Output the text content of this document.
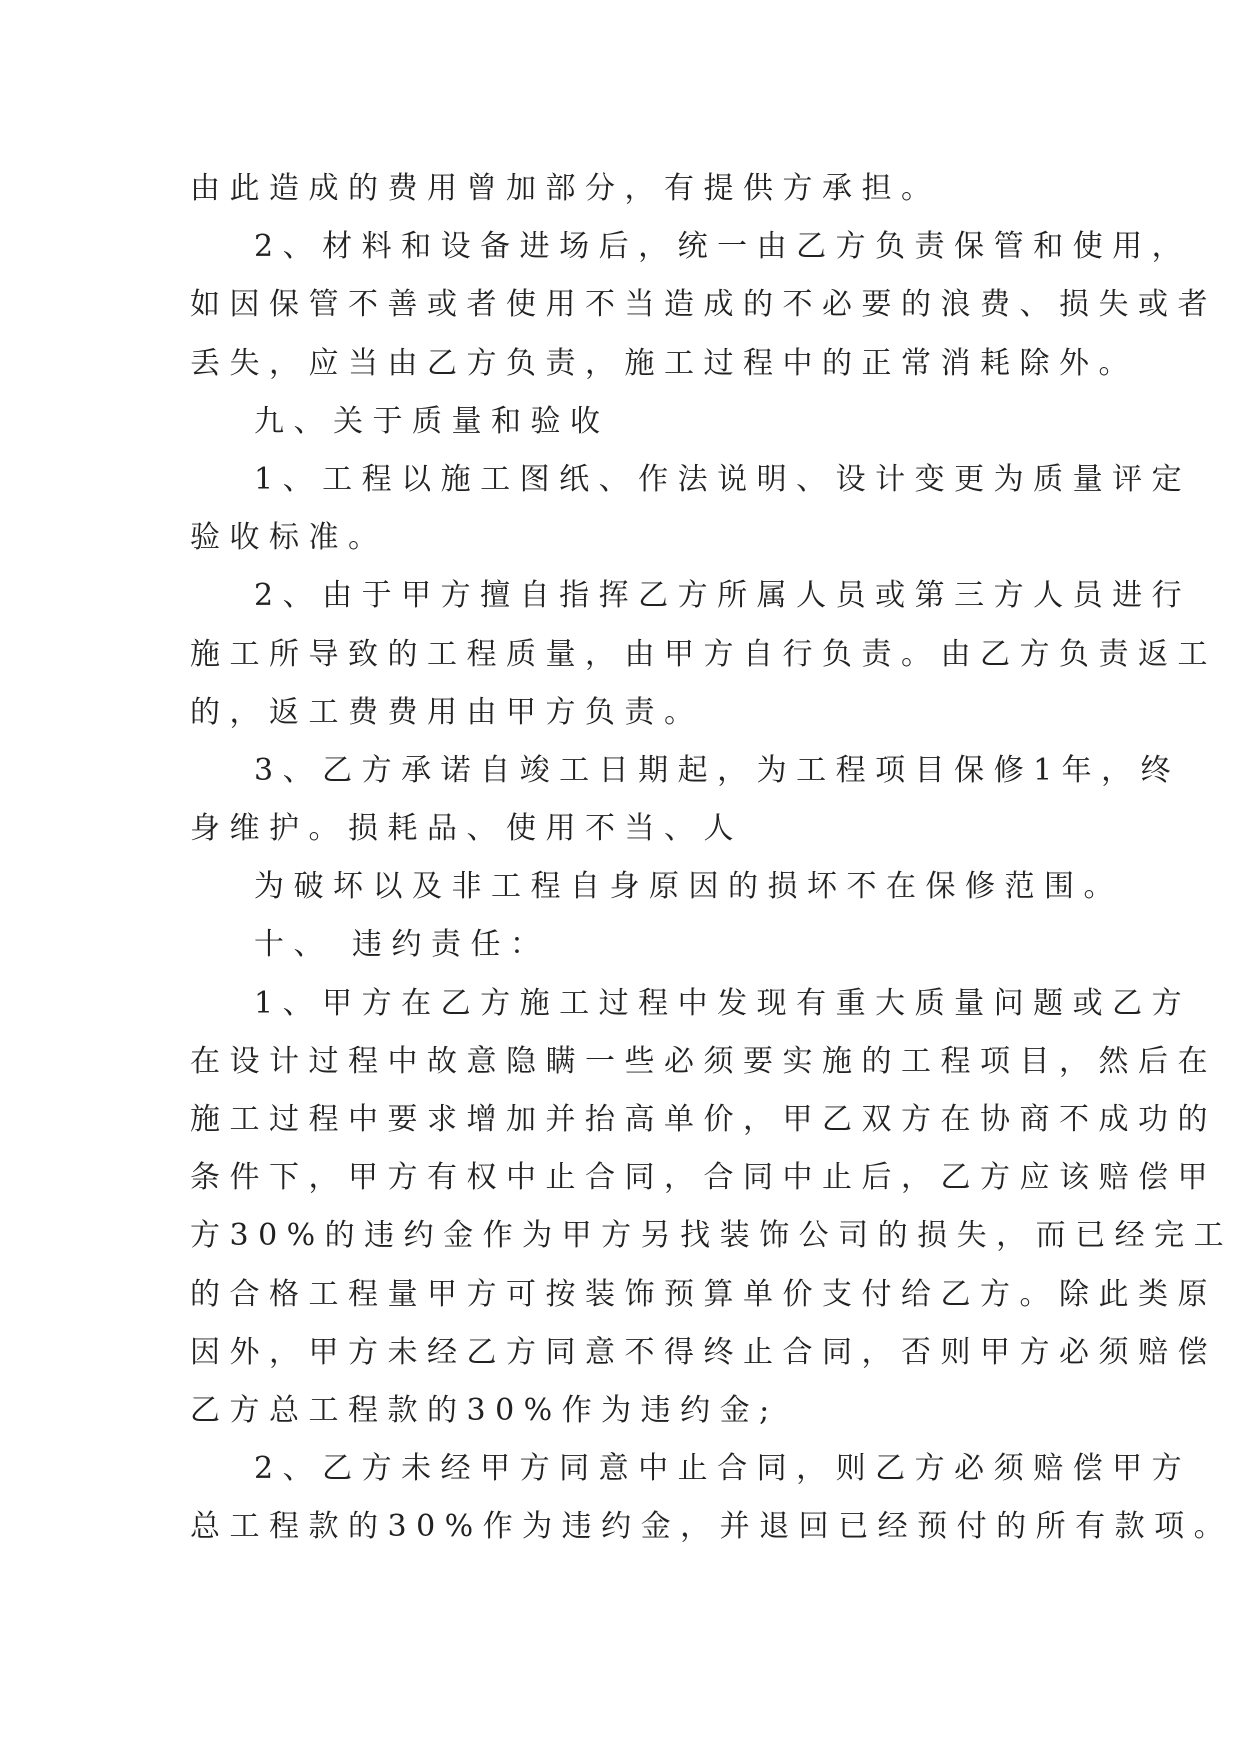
由此造成的费用曾加部分，有提供方承担。
2、材料和设备进场后，统一由乙方负责保管和使用，
如因保管不善或者使用不当造成的不必要的浪费、损失或者
丢失，应当由乙方负责，施工过程中的正常消耗除外。
九、关于质量和验收
1、工程以施工图纸、作法说明、设计变更为质量评定
验收标准。
2、由于甲方擅自指挥乙方所属人员或第三方人员进行
施工所导致的工程质量，由甲方自行负责。由乙方负责返工
的，返工费费用由甲方负责。
3、乙方承诺自竣工日期起，为工程项目保修1年，终
身维护。损耗品、使用不当、人
为破坏以及非工程自身原因的损坏不在保修范围。
十、 违约责任：
1、甲方在乙方施工过程中发现有重大质量问题或乙方
在设计过程中故意隐瞒一些必须要实施的工程项目，然后在
施工过程中要求增加并抬高单价，甲乙双方在协商不成功的
条件下，甲方有权中止合同，合同中止后，乙方应该赔偿甲
方30%的违约金作为甲方另找装饰公司的损失，而已经完工
的合格工程量甲方可按装饰预算单价支付给乙方。除此类原
因外，甲方未经乙方同意不得终止合同，否则甲方必须赔偿
乙方总工程款的30%作为违约金;
2、乙方未经甲方同意中止合同，则乙方必须赔偿甲方
总工程款的30%作为违约金，并退回已经预付的所有款项。
